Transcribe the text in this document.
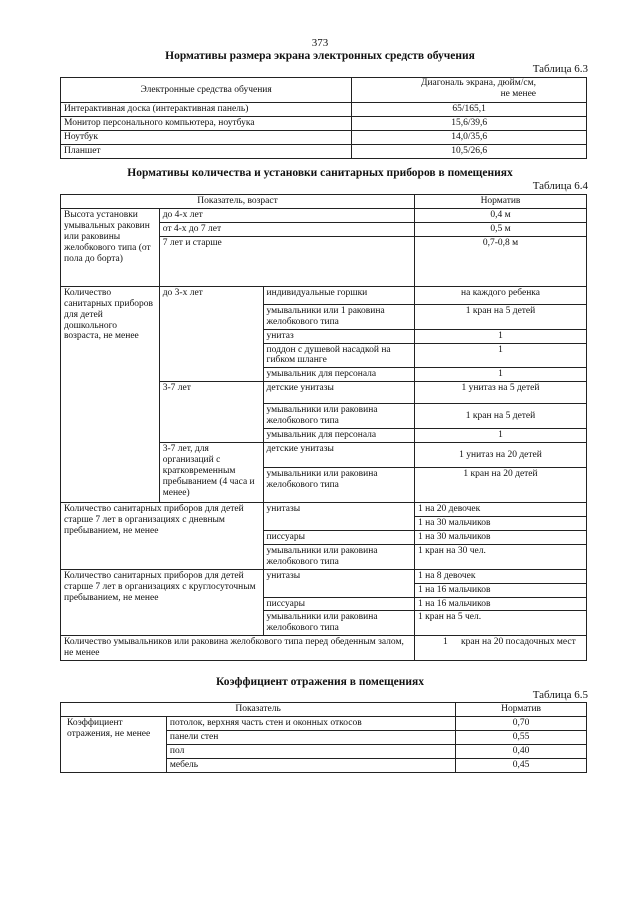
373
Нормативы размера экрана электронных средств обучения
Таблица 6.3
Электронные средства обучения	Диагональ экрана, дюйм/см, не менее
Интерактивная доска (интерактивная панель)	65/165,1
Монитор персонального компьютера, ноутбука	15,6/39,6
Ноутбук	14,0/35,6
Планшет	10,5/26,6
Нормативы количества и установки санитарных приборов в помещениях
Таблица 6.4
Показатель, возраст			Норматив
Высота установки умывальных раковин или раковины желобкового типа (от пола до борта)	до 4-х лет		0,4 м
	от 4-х до 7 лет		0,5 м
	7 лет и старше		0,7-0,8 м
Количество санитарных приборов для детей дошкольного возраста, не менее	до 3-х лет	индивидуальные горшки	на каждого ребенка
		умывальники или 1 раковина желобкового типа	1 кран на 5 детей
		унитаз	1
		поддон с душевой насадкой на гибком шланге	1
		умывальник для персонала	1
	3-7 лет	детские унитазы	1 унитаз на 5 детей
		умывальники или раковина желобкового типа	1 кран на 5 детей
		умывальник для персонала	1
	3-7 лет, для организаций с кратковременным пребыванием (4 часа и менее)	детские унитазы	1 унитаз на 20 детей
		умывальники или раковина желобкового типа	1 кран на 20 детей
Количество санитарных приборов для детей старше 7 лет в организациях с дневным пребыванием, не менее		унитазы	1 на 20 девочек
			1 на 30 мальчиков
		писсуары	1 на 30 мальчиков
		умывальники или раковина желобкового типа	1 кран на 30 чел.

Количество санитарных приборов для детей старше 7 лет в организациях с круглосуточным пребыванием, не менее		унитазы	1 на 8 девочек
			1 на 16 мальчиков
		писсуары	1 на 16 мальчиков
		умывальники или раковина желобкового типа	1 кран на 5 чел.
Количество умывальников или раковина желобкового типа перед обеденным залом, не менее			1 кран на 20 посадочных мест
Коэффициент отражения в помещениях
Таблица 6.5
Показатель		Норматив
Коэффициент отражения, не менее	потолок, верхняя часть стен и оконных откосов	0,70
	панели стен	0,55
	пол	0,40
	мебель	0,45
